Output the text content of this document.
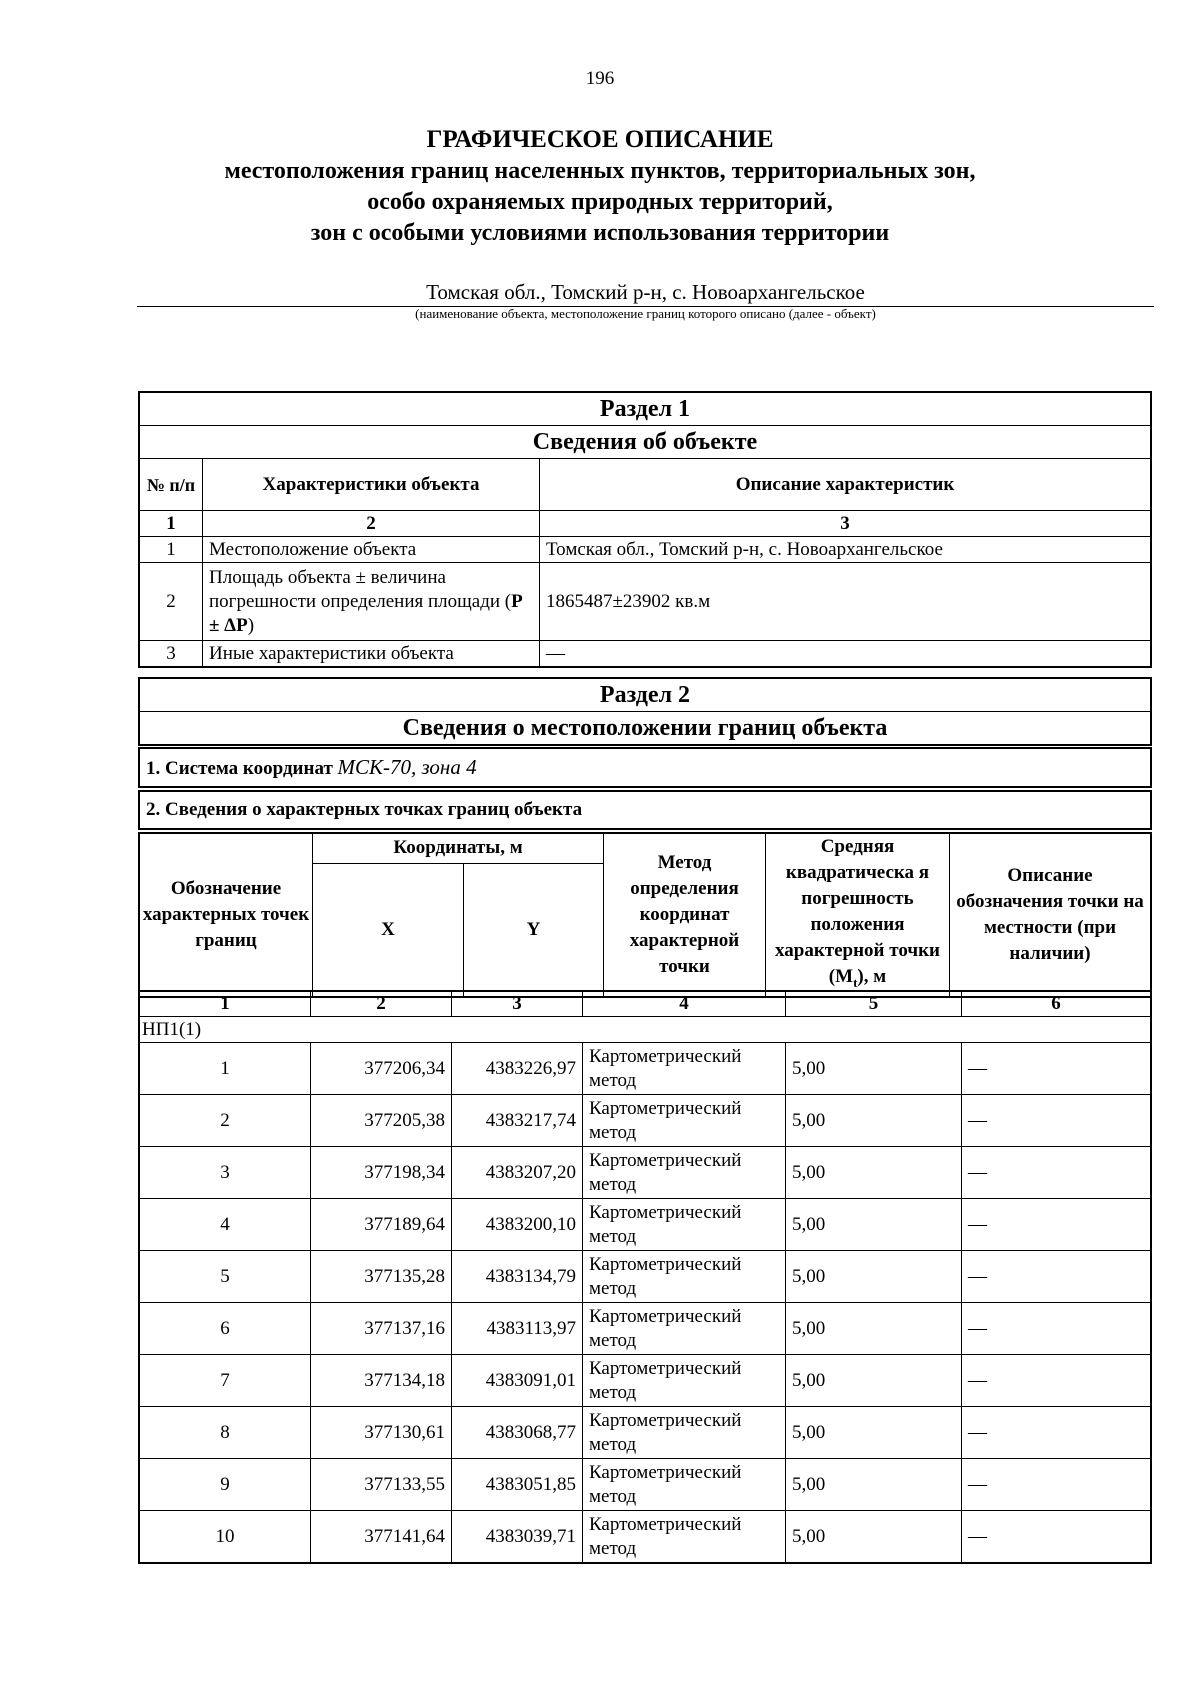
196
ГРАФИЧЕСКОЕ ОПИСАНИЕ
местоположения границ населенных пунктов, территориальных зон,
особо охраняемых природных территорий,
зон с особыми условиями использования территории
Томская обл., Томский р-н, с. Новоархангельское
(наименование объекта, местоположение границ которого описано (далее - объект)
Раздел 1		
Сведения об объекте		
№ п/п	Характеристики объекта	Описание характеристик
1	2	3
1	Местоположение объекта	Томская обл., Томский р-н, с. Новоархангельское
2	Площадь объекта ± величина погрешности определения площади (Р ± ΔР)	1865487±23902 кв.м
3	Иные характеристики объекта	—
Раздел 2
Сведения о местоположении границ объекта
1. Система координат МСК-70, зона 4
2. Сведения о характерных точках границ объекта
Обозначение характерных точек границ	Координаты, м		Метод определения координат характерной точки	Средняя квадратическа я погрешность положения характерной точки $(М_t)$, м	Описание обозначения точки на местности (при наличии)
	X	Y			
1	2	3	4	5	6
НП1(1)					
1	377206,34	4383226,97	Картометрический метод	5,00	—
2	377205,38	4383217,74	Картометрический метод	5,00	—
3	377198,34	4383207,20	Картометрический метод	5,00	—
4	377189,64	4383200,10	Картометрический метод	5,00	—
5	377135,28	4383134,79	Картометрический метод	5,00	—
6	377137,16	4383113,97	Картометрический метод	5,00	—
7	377134,18	4383091,01	Картометрический метод	5,00	—
8	377130,61	4383068,77	Картометрический метод	5,00	—
9	377133,55	4383051,85	Картометрический метод	5,00	—
10	377141,64	4383039,71	Картометрический метод	5,00	—
